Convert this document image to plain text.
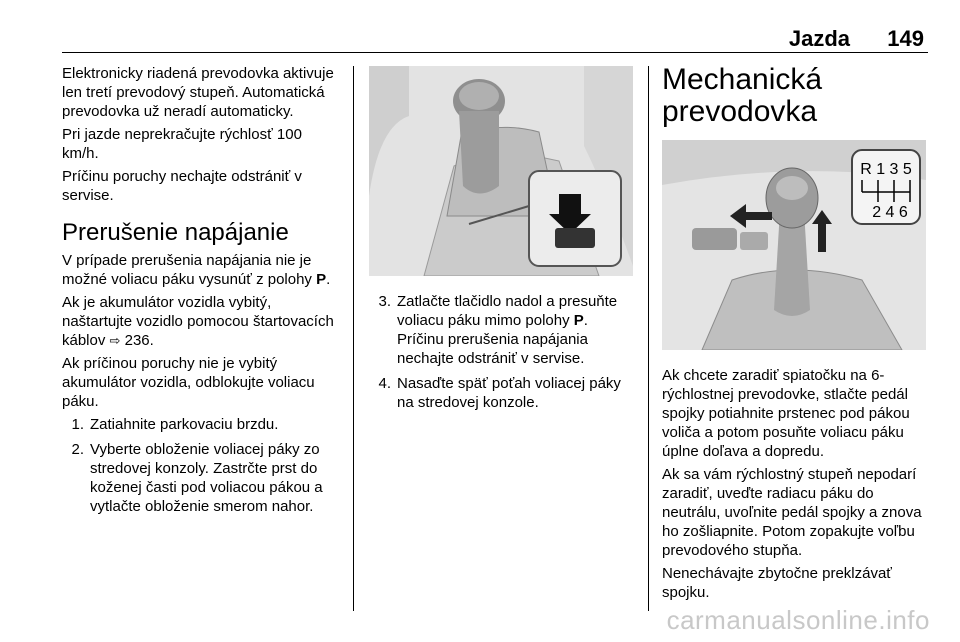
Jazda 149

Elektronicky riadená prevodovka aktivuje len tretí prevodový stupeň. Automatická prevodovka už neradí automaticky.

Pri jazde neprekračujte rýchlosť 100 km/h.

Príčinu poruchy nechajte odstrániť v servise.

Prerušenie napájanie

V prípade prerušenia napájania nie je možné voliacu páku vysunúť z polohy P.

Ak je akumulátor vozidla vybitý, naštartujte vozidlo pomocou štartovacích káblov ⇨ 236.

Ak príčinou poruchy nie je vybitý akumulátor vozidla, odblokujte voliacu páku.

1. Zatiahnite parkovaciu brzdu.
2. Vyberte obloženie voliacej páky zo stredovej konzoly. Zastrčte prst do koženej časti pod voliacou pákou a vytlačte obloženie smerom nahor.
3. Zatlačte tlačidlo nadol a presuňte voliacu páku mimo polohy P. Príčinu prerušenia napájania nechajte odstrániť v servise.
4. Nasaďte späť poťah voliacej páky na stredovej konzole.
Mechanická prevodovka
R 1 3 5
2 4 6

Ak chcete zaradiť spiatočku na 6-rýchlostnej prevodovke, stlačte pedál spojky potiahnite prstenec pod pákou voliča a potom posuňte voliacu páku úplne doľava a dopredu.

Ak sa vám rýchlostný stupeň nepodarí zaradiť, uveďte radiacu páku do neutrálu, uvoľnite pedál spojky a znova ho zošliapnite. Potom zopakujte voľbu prevodového stupňa.

Nenechávajte zbytočne preklzávať spojku.

carmanualsonline.info
